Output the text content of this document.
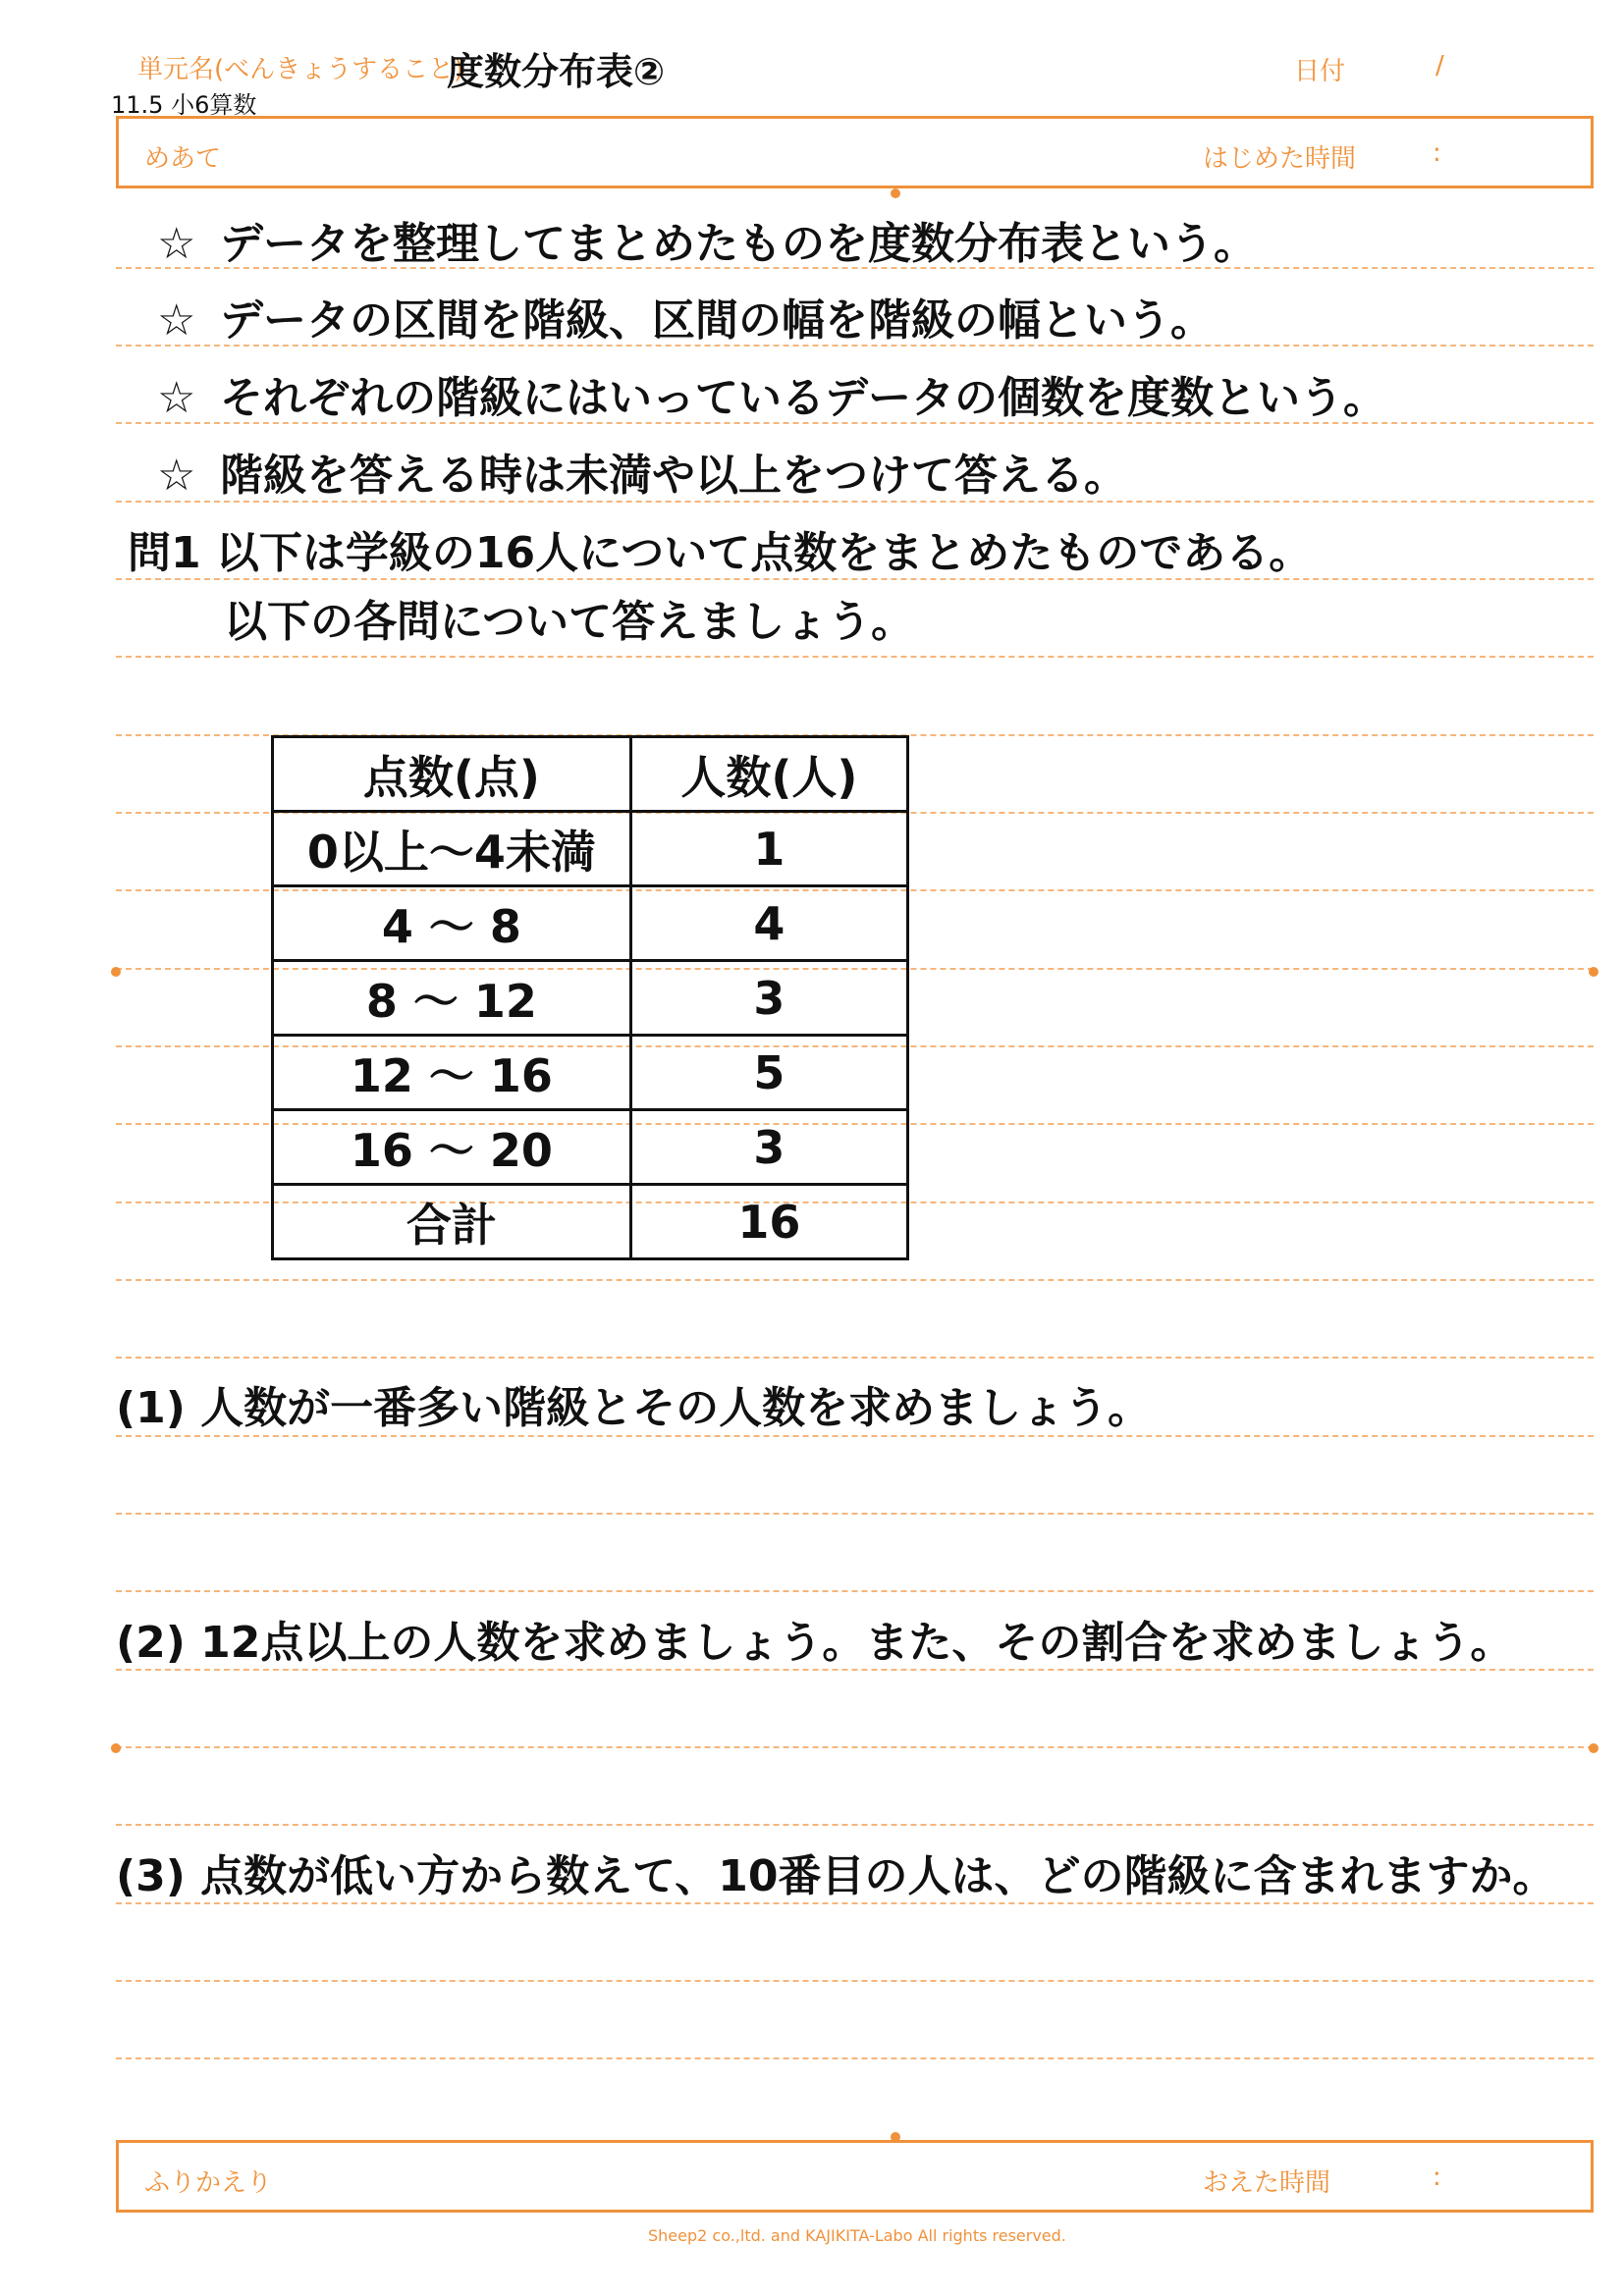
単元名(べんきょうすること)
度数分布表②
11.5 小6算数
日付	/
めあて	はじめた時間	:
☆ データを整理してまとめたものを度数分布表という。
☆ データの区間を階級、区間の幅を階級の幅という。
☆ それぞれの階級にはいっているデータの個数を度数という。
☆ 階級を答える時は未満や以上をつけて答える。
問1 以下は学級の16人について点数をまとめたものである。
以下の各問について答えましょう。
点数(点)	人数(人)
0以上～4未満	1
4 ～ 8	4
8 ～ 12	3
12 ～ 16	5
16 ～ 20	3
合計	16
(1) 人数が一番多い階級とその人数を求めましょう。
(2) 12点以上の人数を求めましょう。また、その割合を求めましょう。
(3) 点数が低い方から数えて、10番目の人は、どの階級に含まれますか。
ふりかえり	おえた時間	:
Sheep2 co.,ltd. and KAJIKITA-Labo All rights reserved.
